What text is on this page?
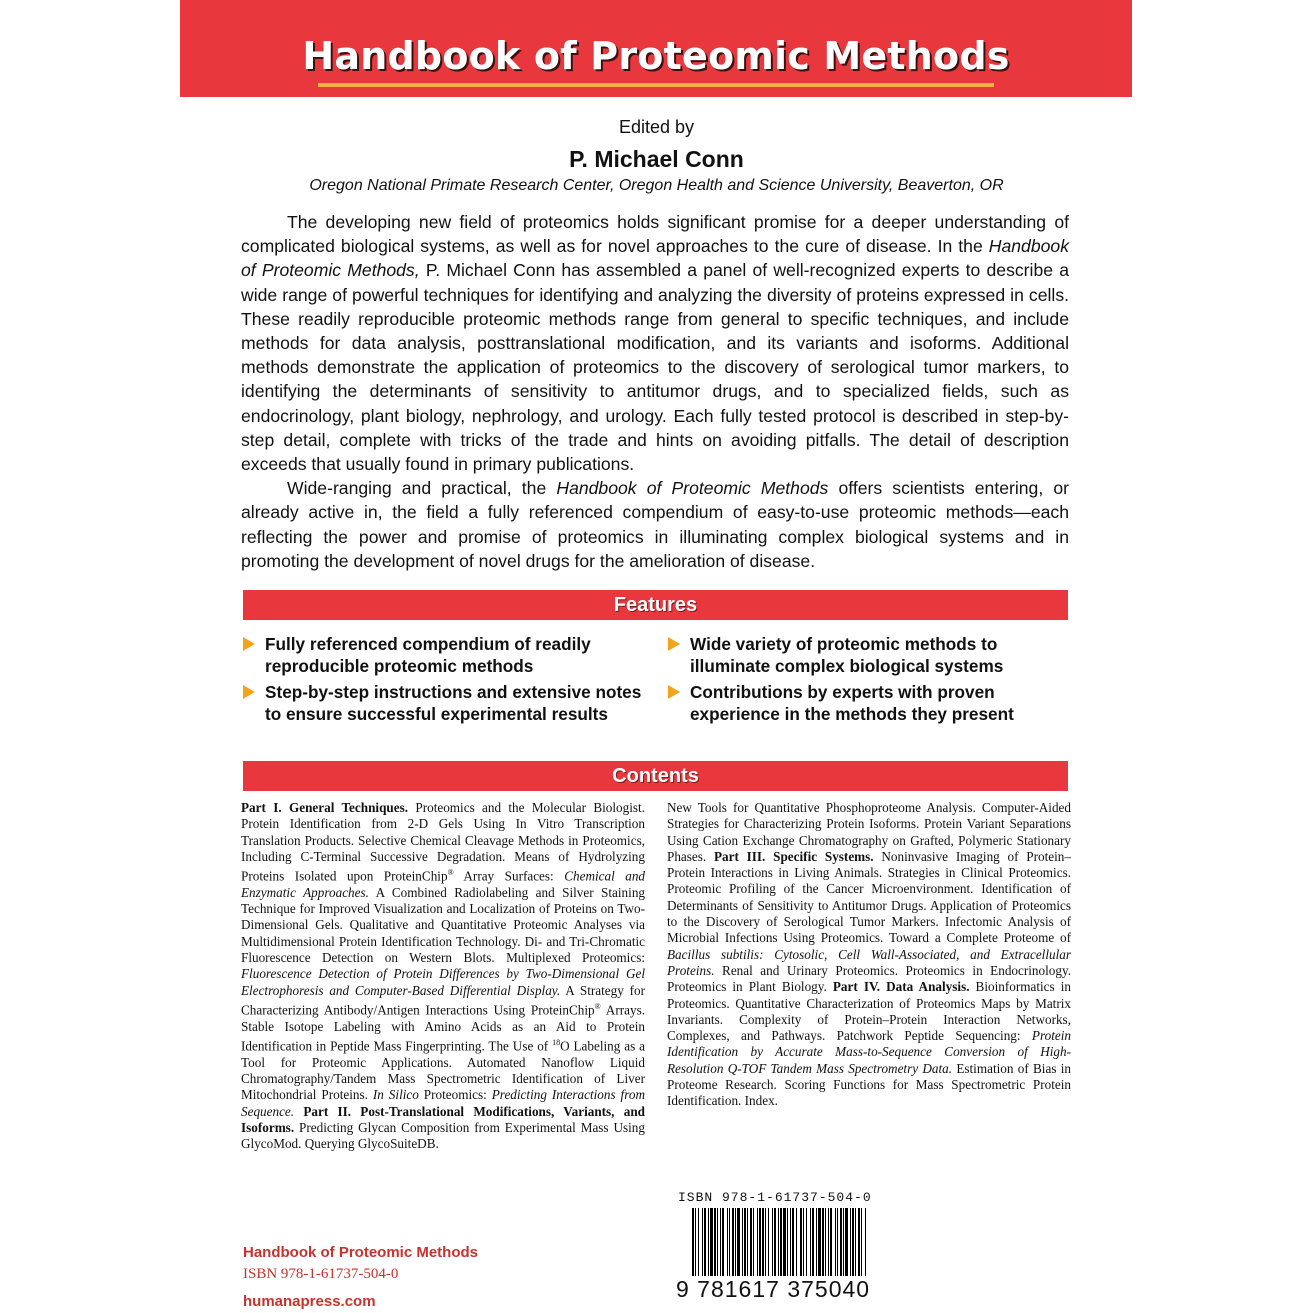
Handbook of Proteomic Methods
Edited by
P. Michael Conn
Oregon National Primate Research Center, Oregon Health and Science University, Beaverton, OR

The developing new field of proteomics holds significant promise for a deeper understanding of complicated biological systems, as well as for novel approaches to the cure of disease. In the Handbook of Proteomic Methods, P. Michael Conn has assembled a panel of well-recognized experts to describe a wide range of powerful techniques for identifying and analyzing the diversity of proteins expressed in cells. These readily reproducible proteomic methods range from general to specific techniques, and include methods for data analysis, posttranslational modification, and its variants and isoforms. Additional methods demonstrate the application of proteomics to the discovery of serological tumor markers, to identifying the determinants of sensitivity to antitumor drugs, and to specialized fields, such as endocrinology, plant biology, nephrology, and urology. Each fully tested protocol is described in step-by-step detail, complete with tricks of the trade and hints on avoiding pitfalls. The detail of description exceeds that usually found in primary publications.

Wide-ranging and practical, the Handbook of Proteomic Methods offers scientists entering, or already active in, the field a fully referenced compendium of easy-to-use proteomic methods—each reflecting the power and promise of proteomics in illuminating complex biological systems and in promoting the development of novel drugs for the amelioration of disease.

Features
Fully referenced compendium of readily reproducible proteomic methods
Step-by-step instructions and extensive notes to ensure successful experimental results
Wide variety of proteomic methods to illuminate complex biological systems
Contributions by experts with proven experience in the methods they present
Contents

Part I. General Techniques. Proteomics and the Molecular Biologist. Protein Identification from 2-D Gels Using In Vitro Transcription Translation Products. Selective Chemical Cleavage Methods in Proteomics, Including C-Terminal Successive Degradation. Means of Hydrolyzing Proteins Isolated upon ProteinChip® Array Surfaces: Chemical and Enzymatic Approaches. A Combined Radiolabeling and Silver Staining Technique for Improved Visualization and Localization of Proteins on Two-Dimensional Gels. Qualitative and Quantitative Proteomic Analyses via Multidimensional Protein Identification Technology. Di- and Tri-Chromatic Fluorescence Detection on Western Blots. Multiplexed Proteomics: Fluorescence Detection of Protein Differences by Two-Dimensional Gel Electrophoresis and Computer-Based Differential Display. A Strategy for Characterizing Antibody/Antigen Interactions Using ProteinChip® Arrays. Stable Isotope Labeling with Amino Acids as an Aid to Protein Identification in Peptide Mass Fingerprinting. The Use of $^{18}$O Labeling as a Tool for Proteomic Applications. Automated Nanoflow Liquid Chromatography/Tandem Mass Spectrometric Identification of Liver Mitochondrial Proteins. In Silico Proteomics: Predicting Interactions from Sequence. Part II. Post-Translational Modifications, Variants, and Isoforms. Predicting Glycan Composition from Experimental Mass Using GlycoMod. Querying GlycoSuiteDB.

New Tools for Quantitative Phosphoproteome Analysis. Computer-Aided Strategies for Characterizing Protein Isoforms. Protein Variant Separations Using Cation Exchange Chromatography on Grafted, Polymeric Stationary Phases. Part III. Specific Systems. Noninvasive Imaging of Protein–Protein Interactions in Living Animals. Strategies in Clinical Proteomics. Proteomic Profiling of the Cancer Microenvironment. Identification of Determinants of Sensitivity to Antitumor Drugs. Application of Proteomics to the Discovery of Serological Tumor Markers. Infectomic Analysis of Microbial Infections Using Proteomics. Toward a Complete Proteome of Bacillus subtilis: Cytosolic, Cell Wall-Associated, and Extracellular Proteins. Renal and Urinary Proteomics. Proteomics in Endocrinology. Proteomics in Plant Biology. Part IV. Data Analysis. Bioinformatics in Proteomics. Quantitative Characterization of Proteomics Maps by Matrix Invariants. Complexity of Protein–Protein Interaction Networks, Complexes, and Pathways. Patchwork Peptide Sequencing: Protein Identification by Accurate Mass-to-Sequence Conversion of High-Resolution Q-TOF Tandem Mass Spectrometry Data. Estimation of Bias in Proteome Research. Scoring Functions for Mass Spectrometric Protein Identification. Index.

ISBN 978-1-61737-504-0
9 781617 375040
Handbook of Proteomic Methods
ISBN 978-1-61737-504-0
humanapress.com
